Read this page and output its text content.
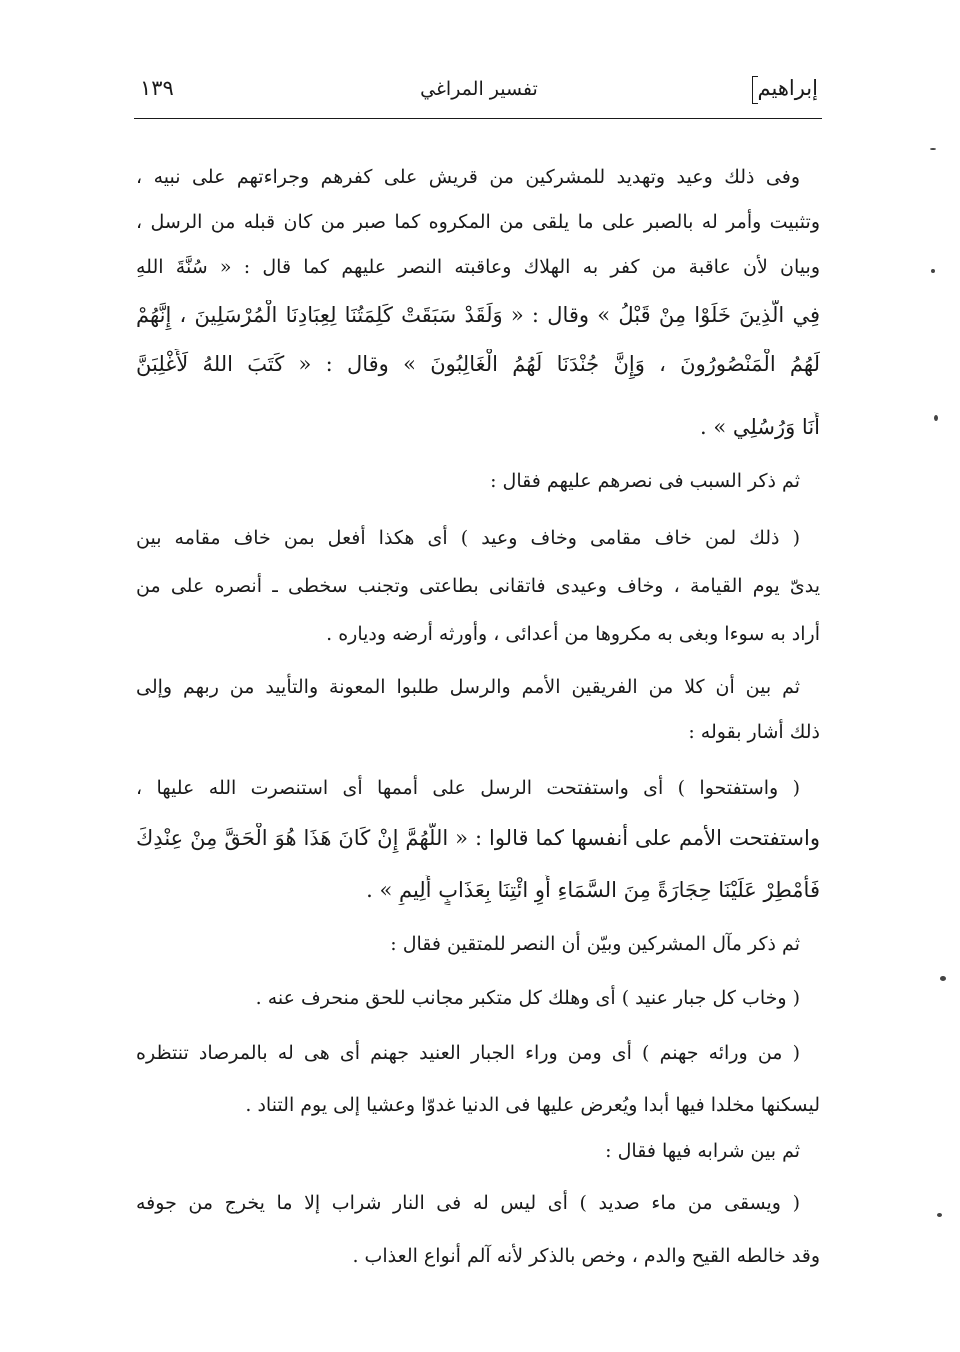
إبراهيم
تفسير المراغي
١٣٩
وفى ذلك وعيد وتهديد للمشركين من قريش على كفرهم وجراءتهم على نبيه ،
وتثبيت وأمر له بالصبر على ما يلقى من المكروه كما صبر من كان قبله من الرسل ،
وبيان لأن عاقبة من كفر به الهلاك وعاقبته النصر عليهم كما قال : « سُنَّةَ اللهِ
فِي الَّذِينَ خَلَوْا مِنْ قَبْلُ » وقال : « وَلَقَدْ سَبَقَتْ كَلِمَتُنَا لِعِبَادِنَا الْمُرْسَلِينَ ، إِنَّهُمْ
لَهُمُ الْمَنْصُورُونَ ، وَإِنَّ جُنْدَنَا لَهُمُ الْغَالِبُونَ » وقال : « كَتَبَ اللهُ لَأَغْلِبَنَّ
أَنَا وَرُسُلِي » .
ثم ذكر السبب فى نصرهم عليهم فقال :
( ذلك لمن خاف مقامى وخاف وعيد ) أى هكذا أفعل بمن خاف مقامه بين
يدىّ يوم القيامة ، وخاف وعيدى فاتقانى بطاعتى وتجنب سخطى ـ أنصره على من
أراد به سوءا وبغى به مكروها من أعدائى ، وأورثه أرضه ودياره .
ثم بين أن كلا من الفريقين الأمم والرسل طلبوا المعونة والتأييد من ربهم وإلى
ذلك أشار بقوله :
( واستفتحوا ) أى واستفتحت الرسل على أممها أى استنصرت الله عليها ،
واستفتحت الأمم على أنفسها كما قالوا : « اللَّهُمَّ إِنْ كَانَ هَذَا هُوَ الْحَقَّ مِنْ عِنْدِكَ
فَأَمْطِرْ عَلَيْنَا حِجَارَةً مِنَ السَّمَاءِ أَوِ ائْتِنَا بِعَذَابٍ أَلِيمٍ » .
ثم ذكر مآل المشركين وبيّن أن النصر للمتقين فقال :
( وخاب كل جبار عنيد ) أى وهلك كل متكبر مجانب للحق منحرف عنه .
( من ورائه جهنم ) أى ومن وراء الجبار العنيد جهنم أى هى له بالمرصاد تنتظره
ليسكنها مخلدا فيها أبدا ويُعرض عليها فى الدنيا غدوّا وعشيا إلى يوم التناد .
ثم بين شرابه فيها فقال :
( ويسقى من ماء صديد ) أى ليس له فى النار شراب إلا ما يخرج من جوفه
وقد خالطه القيح والدم ، وخص بالذكر لأنه آلم أنواع العذاب .
